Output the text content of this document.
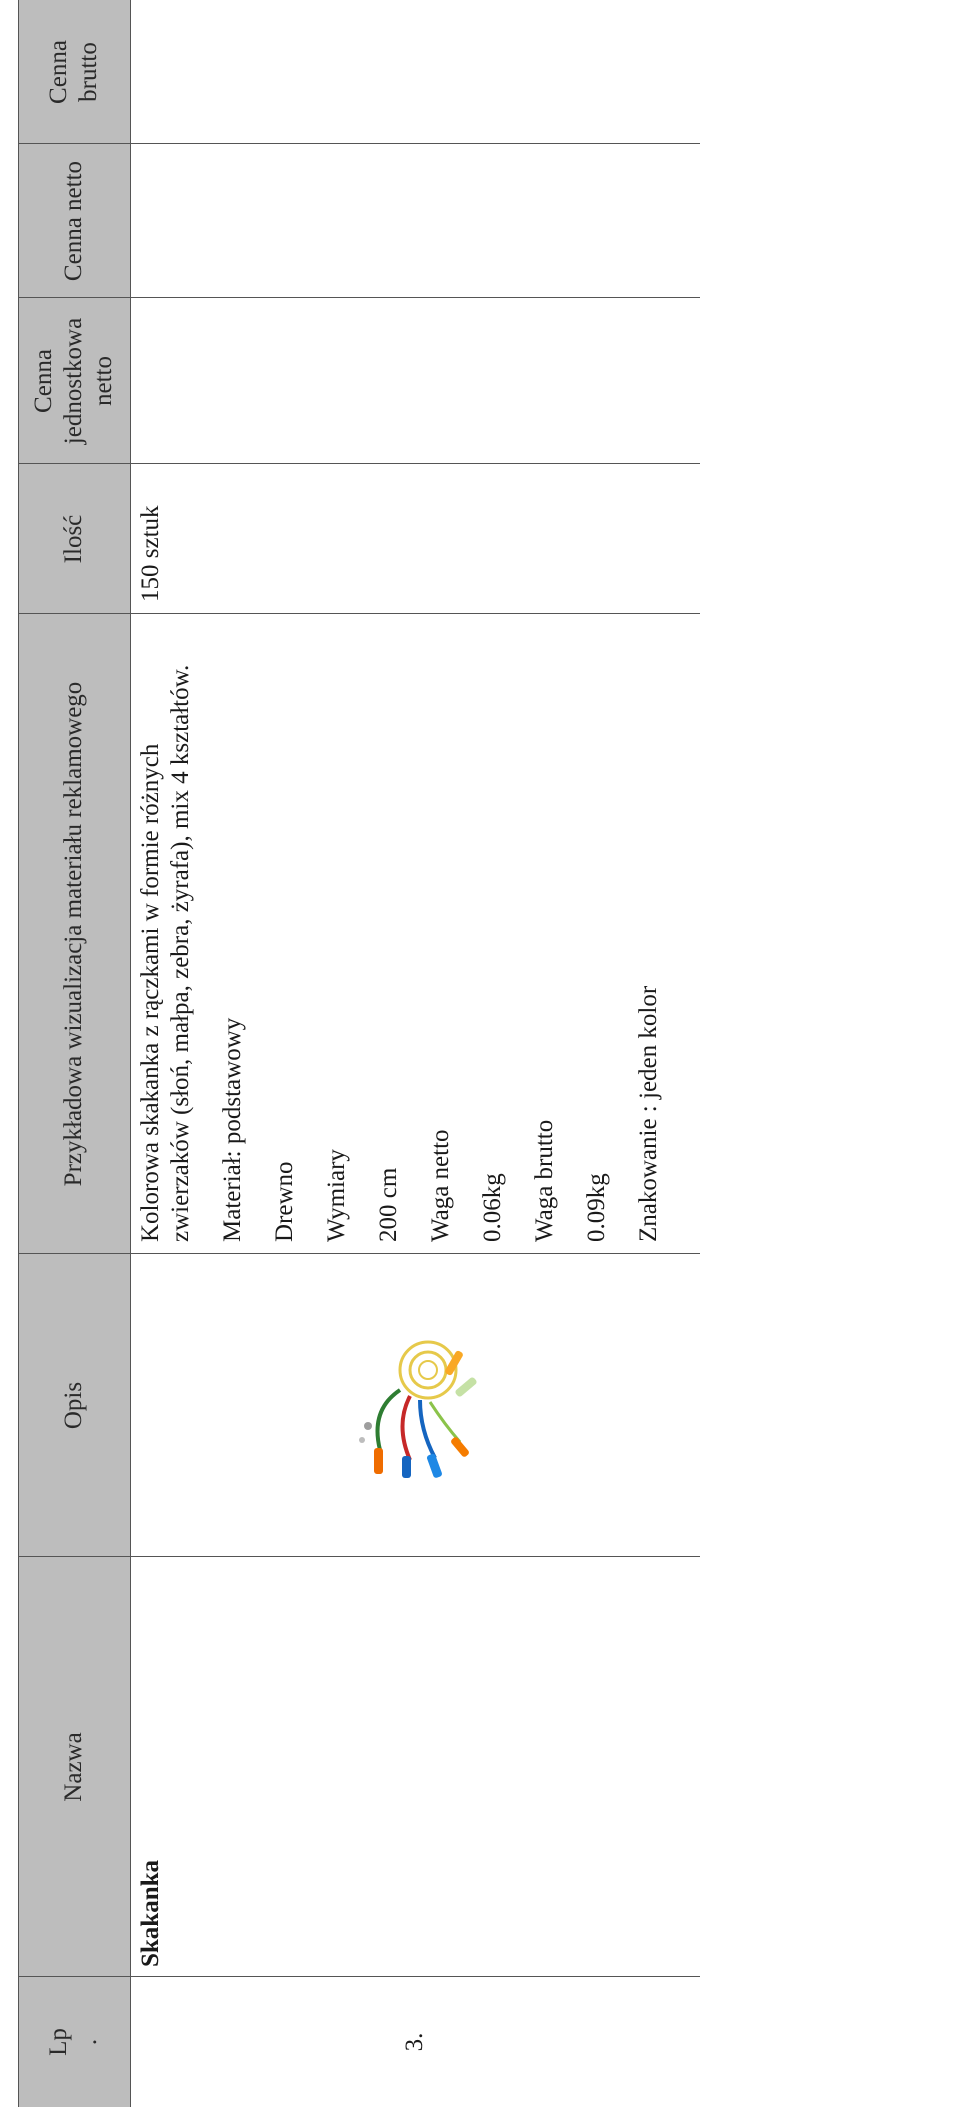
Lp .
Nazwa
Opis
Przykładowa wizualizacja materiału reklamowego
Ilość
Cenna jednostkowa netto
Cenna netto
Cenna brutto
3.
Skakanka

Kolorowa skakanka z rączkami w formie różnych zwierzaków (słoń, małpa, zebra, żyrafa), mix 4 kształtów. Materiał: podstawowy Drewno Wymiary 200 cm Waga netto 0.06kg Waga brutto 0.09kg Znakowanie : jeden kolor

150 sztuk
